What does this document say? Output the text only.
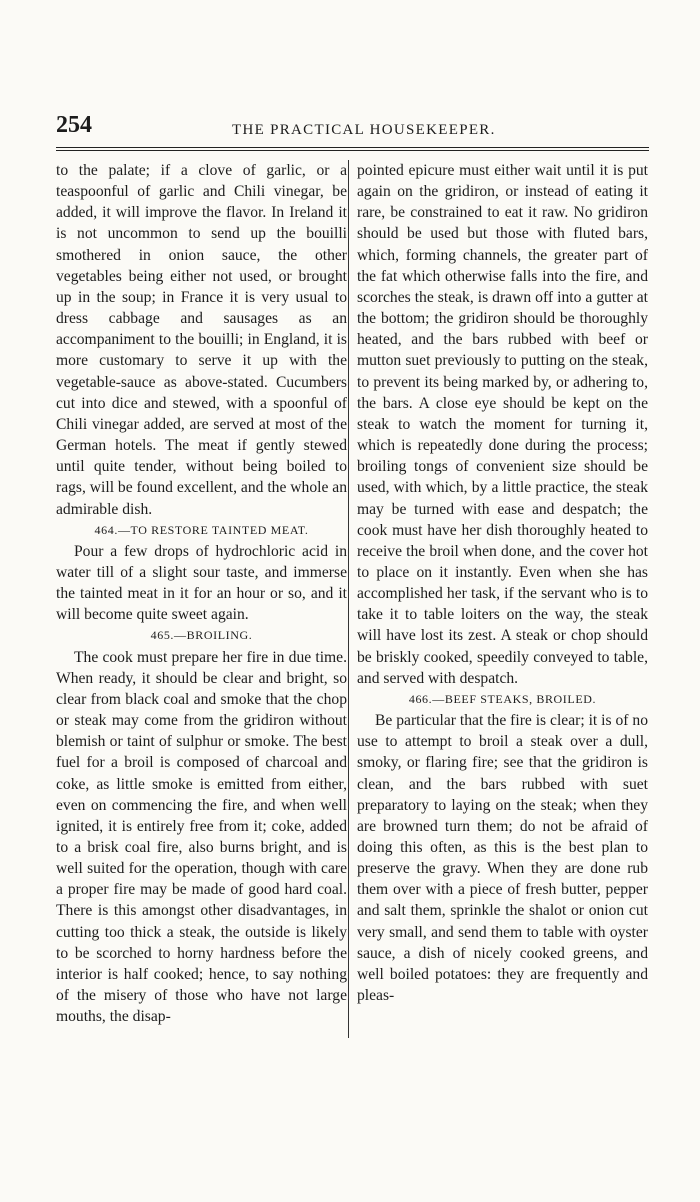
254	THE PRACTICAL HOUSEKEEPER.

to the palate; if a clove of garlic, or a teaspoonful of garlic and Chili vinegar, be added, it will improve the flavor. In Ireland it is not uncommon to send up the bouilli smothered in onion sauce, the other vegetables being either not used, or brought up in the soup; in France it is very usual to dress cabbage and sausages as an accompaniment to the bouilli; in England, it is more customary to serve it up with the vegetable-sauce as above-stated. Cucumbers cut into dice and stewed, with a spoonful of Chili vinegar added, are served at most of the German hotels. The meat if gently stewed until quite tender, without being boiled to rags, will be found excellent, and the whole an admirable dish.

464.—TO RESTORE TAINTED MEAT.

Pour a few drops of hydrochloric acid in water till of a slight sour taste, and immerse the tainted meat in it for an hour or so, and it will become quite sweet again.

465.—BROILING.

The cook must prepare her fire in due time. When ready, it should be clear and bright, so clear from black coal and smoke that the chop or steak may come from the gridiron without blemish or taint of sulphur or smoke. The best fuel for a broil is composed of charcoal and coke, as little smoke is emitted from either, even on commencing the fire, and when well ignited, it is entirely free from it; coke, added to a brisk coal fire, also burns bright, and is well suited for the operation, though with care a proper fire may be made of good hard coal. There is this amongst other disadvantages, in cutting too thick a steak, the outside is likely to be scorched to horny hardness before the interior is half cooked; hence, to say nothing of the misery of those who have not large mouths, the disap-

pointed epicure must either wait until it is put again on the gridiron, or instead of eating it rare, be constrained to eat it raw. No gridiron should be used but those with fluted bars, which, forming channels, the greater part of the fat which otherwise falls into the fire, and scorches the steak, is drawn off into a gutter at the bottom; the gridiron should be thoroughly heated, and the bars rubbed with beef or mutton suet previously to putting on the steak, to prevent its being marked by, or adhering to, the bars. A close eye should be kept on the steak to watch the moment for turning it, which is repeatedly done during the process; broiling tongs of convenient size should be used, with which, by a little practice, the steak may be turned with ease and despatch; the cook must have her dish thoroughly heated to receive the broil when done, and the cover hot to place on it instantly. Even when she has accomplished her task, if the servant who is to take it to table loiters on the way, the steak will have lost its zest. A steak or chop should be briskly cooked, speedily conveyed to table, and served with despatch.

466.—BEEF STEAKS, BROILED.

Be particular that the fire is clear; it is of no use to attempt to broil a steak over a dull, smoky, or flaring fire; see that the gridiron is clean, and the bars rubbed with suet preparatory to laying on the steak; when they are browned turn them; do not be afraid of doing this often, as this is the best plan to preserve the gravy. When they are done rub them over with a piece of fresh butter, pepper and salt them, sprinkle the shalot or onion cut very small, and send them to table with oyster sauce, a dish of nicely cooked greens, and well boiled potatoes: they are frequently and pleas-
